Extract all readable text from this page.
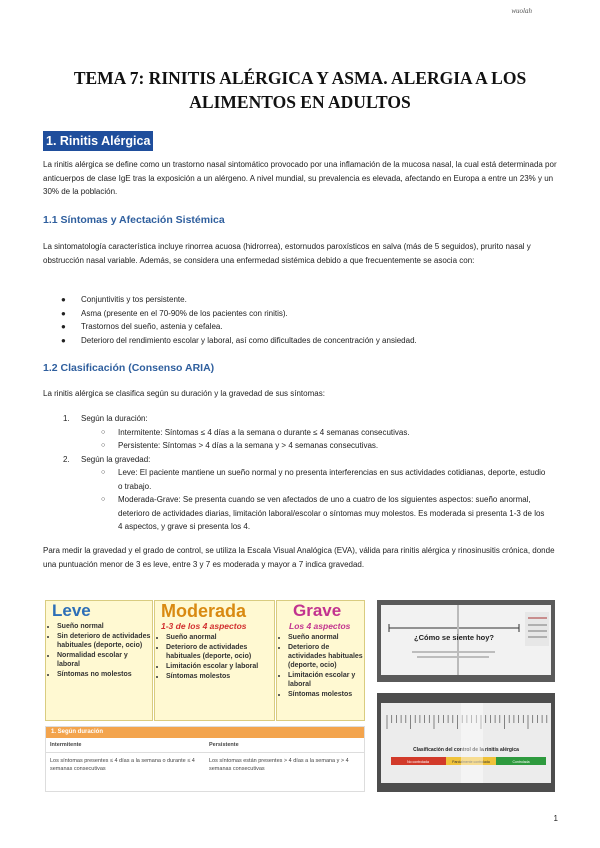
wuolah
TEMA 7: RINITIS ALÉRGICA Y ASMA. ALERGIA A LOS ALIMENTOS EN ADULTOS
1. Rinitis Alérgica
La rinitis alérgica se define como un trastorno nasal sintomático provocado por una inflamación de la mucosa nasal, la cual está determinada por anticuerpos de clase IgE tras la exposición a un alérgeno. A nivel mundial, su prevalencia es elevada, afectando en Europa a entre un 23% y un 30% de la población.
1.1 Síntomas y Afectación Sistémica
La sintomatología característica incluye rinorrea acuosa (hidrorrea), estornudos paroxísticos en salva (más de 5 seguidos), prurito nasal y obstrucción nasal variable. Además, se considera una enfermedad sistémica debido a que frecuentemente se asocia con:
● Conjuntivitis y tos persistente.
● Asma (presente en el 70-90% de los pacientes con rinitis).
● Trastornos del sueño, astenia y cefalea.
● Deterioro del rendimiento escolar y laboral, así como dificultades de concentración y ansiedad.
1.2 Clasificación (Consenso ARIA)
La rinitis alérgica se clasifica según su duración y la gravedad de sus síntomas:
1. Según la duración:
○ Intermitente: Síntomas ≤ 4 días a la semana o durante ≤ 4 semanas consecutivas.
○ Persistente: Síntomas > 4 días a la semana y > 4 semanas consecutivas.
2. Según la gravedad:
○ Leve: El paciente mantiene un sueño normal y no presenta interferencias en sus actividades cotidianas, deporte, estudio o trabajo.
○ Moderada-Grave: Se presenta cuando se ven afectados de uno a cuatro de los siguientes aspectos: sueño anormal, deterioro de actividades diarias, limitación laboral/escolar o síntomas muy molestos. Es moderada si presenta 1-3 de los 4 aspectos, y grave si presenta los 4.
Para medir la gravedad y el grado de control, se utiliza la Escala Visual Analógica (EVA), válida para rinitis alérgica y rinosinusitis crónica, donde una puntuación menor de 3 es leve, entre 3 y 7 es moderada y mayor a 7 indica gravedad.
Leve
• Sueño normal
• Sin deterioro de actividades habituales (deporte, ocio)
• Normalidad escolar y laboral
• Síntomas no molestos
Moderada
1-3 de los 4 aspectos
• Sueño anormal
• Deterioro de actividades habituales (deporte, ocio)
• Limitación escolar y laboral
• Síntomas molestos
Grave
Los 4 aspectos
• Sueño anormal
• Deterioro de actividades habituales (deporte, ocio)
• Limitación escolar y laboral
• Síntomas molestos
1. Según duración
Intermitente	Persistente
Los síntomas presentes ≤ 4 días a la semana o durante ≤ 4 semanas consecutivas
Los síntomas están presentes > 4 días a la semana y > 4 semanas consecutivas
¿Cómo se siente hoy?
Clasificación del control de la rinitis alérgica
No controlada	Parcialmente controlada	Controlada
1
